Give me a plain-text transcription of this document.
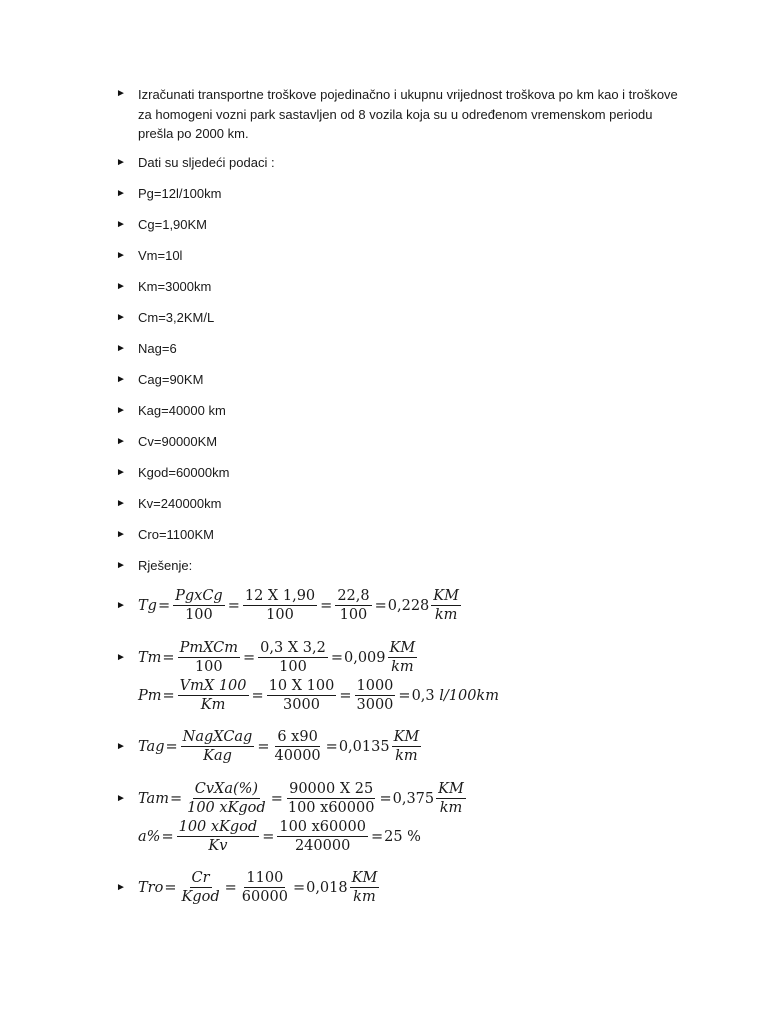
► Izračunati transportne troškove pojedinačno i ukupnu vrijednost troškova po km kao i troškove za homogeni vozni park sastavljen od 8 vozila koja su u određenom vremenskom periodu prešla po 2000 km.
► Dati su sljedeći podaci :
► Pg=12l/100km
► Cg=1,90KM
► Vm=10l
► Km=3000km
► Cm=3,2KM/L
► Nag=6
► Cag=90KM
► Kag=40000 km
► Cv=90000KM
► Kgod=60000km
► Kv=240000km
► Cro=1100KM
► Rješenje:
► $Tg = \frac{\text{PgxCg}}{100} = \frac{12 X 1,90}{100} = \frac{22,8}{100} = 0,228 \frac{KM}{km}$
► $Tm = \frac{\text{PmXCm}}{100} = \frac{0,3 X 3,2}{100} = 0,009 \frac{KM}{km}$
$Pm = \frac{\text{VmX 100}}{Km} = \frac{10 X 100}{3000} = \frac{1000}{3000} = 0,3$
l/100km
► Tag = $\frac{\text{NagXCag}}{\text{Kag}} = \frac{6 x90}{40000} = 0,0135 \frac{KM}{km}$
► Tam = $\frac{\text{CvXa(\%)}}{\text{100 xKgod}} = \frac{90000 X 25}{100 x60000} = 0,375 \frac{KM}{km}$
$a\% = \frac{\text{100 xKgod}}{Kv} = \frac{100 x60000}{240000} = 25$ %
► Tro = $\frac{Cr}{\text{Kgod}} = \frac{1100}{60000} = 0,018 \frac{KM}{km}$
